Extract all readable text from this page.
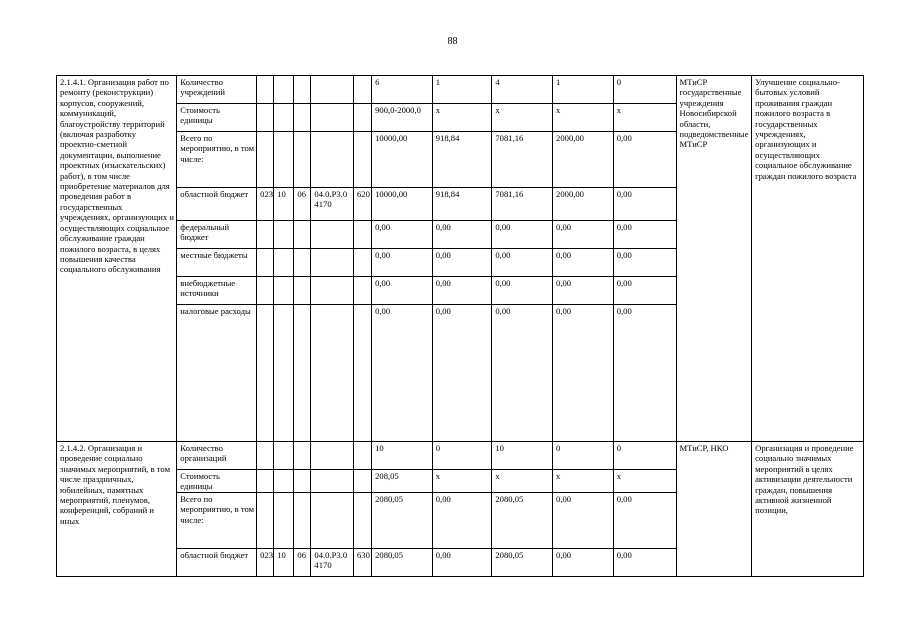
88
2.1.4.1. Организация работ по ремонту (реконструкции) корпусов, сооружений, коммуникаций, благоустройству территорий (включая разработку проектно-сметной документации, выполнение проектных (изыскательских) работ), в том числе приобретение материалов для проведения работ в государственных учреждениях, организующих и осуществляющих социальное обслуживание граждан пожилого возраста, в целях повышения качества социального обслуживания	Количество учреждений						6	1	4	1	0	МТиСР государственные учреждения Новосибирской области, подведомственные МТиСР	Улучшение социально-бытовых условий проживания граждан пожилого возраста в государственных учреждениях, организующих и осуществляющих социальное обслуживание граждан пожилого возраста
	Стоимость единицы						900,0-2000,0	x	x	x	x		
	Всего по мероприятию, в том числе:						10000,00	918,84	7081,16	2000,00	0,00		
	областной бюджет	023	10	06	04.0.P3.04170	620	10000,00	918,84	7081,16	2000,00	0,00		
	федеральный бюджет						0,00	0,00	0,00	0,00	0,00		
	местные бюджеты						0,00	0,00	0,00	0,00	0,00		
	внебюджетные источники						0,00	0,00	0,00	0,00	0,00		
	налоговые расходы						0,00	0,00	0,00	0,00	0,00		
2.1.4.2. Организация и проведение социально значимых мероприятий, в том числе праздничных, юбилейных, памятных мероприятий, пленумов, конференций, собраний и иных	Количество организаций						10	0	10	0	0	МТиСР, НКО	Организация и проведение социально значимых мероприятий в целях активизации деятельности граждан, повышения активной жизненной позиции,
	Стоимость единицы						208,05	x	x	x	x		
	Всего по мероприятию, в том числе:						2080,05	0,00	2080,05	0,00	0,00		
	областной бюджет	023	10	06	04.0.P3.04170	630	2080,05	0,00	2080,05	0,00	0,00		
